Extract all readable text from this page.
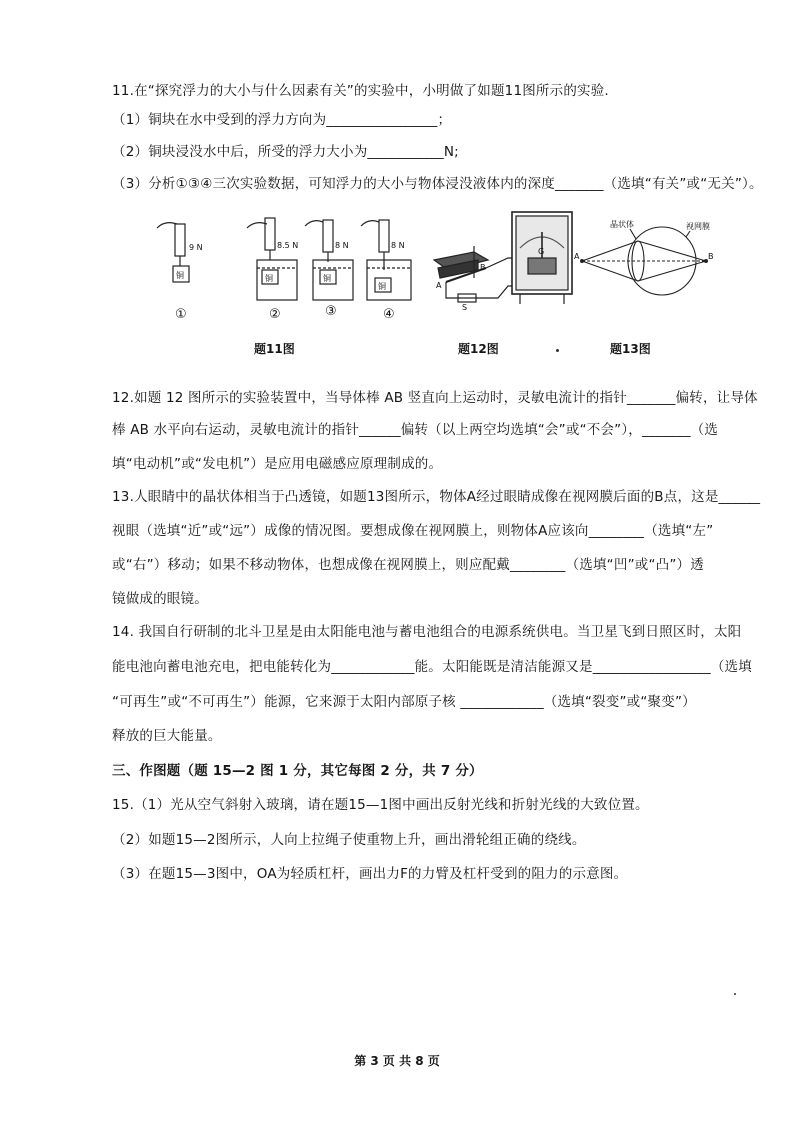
11.在“探究浮力的大小与什么因素有关”的实验中，小明做了如题11图所示的实验.
（1）铜块在水中受到的浮力方向为________________；
（2）铜块浸没水中后，所受的浮力大小为___________N;
（3）分析①③④三次实验数据，可知浮力的大小与物体浸没液体内的深度_______（选填“有关”或“无关”）。
9 N	8.5 N	8 N	8 N
铜	铜	铜
铜
①	②	③	④
A
B
S
G
晶状体	视网膜
A	B
题11图	题12图	题13图
12.如题 12 图所示的实验装置中，当导体棒 AB 竖直向上运动时，灵敏电流计的指针_______偏转，让导体
棒 AB 水平向右运动，灵敏电流计的指针______偏转（以上两空均选填“会”或“不会”），_______（选
填“电动机”或“发电机”）是应用电磁感应原理制成的。
13.人眼睛中的晶状体相当于凸透镜，如题13图所示，物体A经过眼睛成像在视网膜后面的B点，这是______
视眼（选填“近”或“远”）成像的情况图。要想成像在视网膜上，则物体A应该向________（选填“左”
或“右”）移动；如果不移动物体，也想成像在视网膜上，则应配戴________（选填“凹”或“凸”）透
镜做成的眼镜。
14. 我国自行研制的北斗卫星是由太阳能电池与蓄电池组合的电源系统供电。当卫星飞到日照区时，太阳
能电池向蓄电池充电，把电能转化为____________能。太阳能既是清洁能源又是_________________（选填
“可再生”或“不可再生”）能源，它来源于太阳内部原子核 ____________（选填“裂变”或“聚变”）
释放的巨大能量。
三、作图题（题 15—2 图 1 分，其它每图 2 分，共 7 分）
15.（1）光从空气斜射入玻璃，请在题15—1图中画出反射光线和折射光线的大致位置。
（2）如题15—2图所示，人向上拉绳子使重物上升，画出滑轮组正确的绕线。
（3）在题15—3图中，OA为轻质杠杆，画出力F的力臂及杠杆受到的阻力的示意图。
第 3 页 共 8 页
